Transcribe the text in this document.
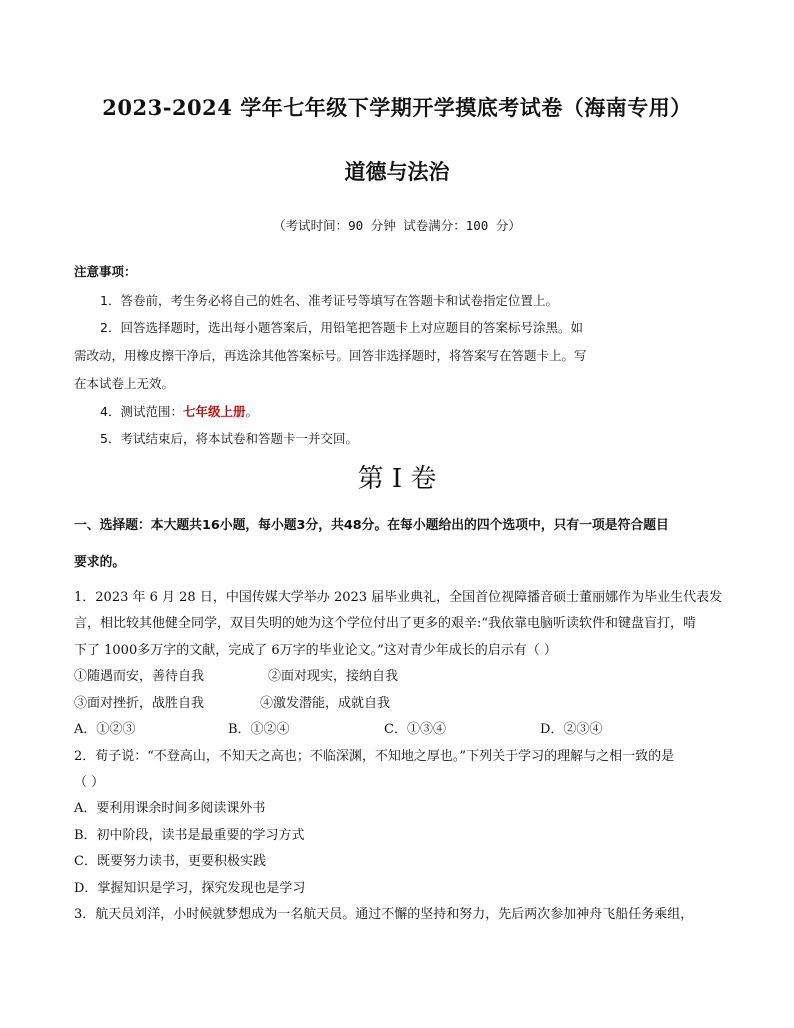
2023-2024 学年七年级下学期开学摸底考试卷（海南专用）
道德与法治
（考试时间：90 分钟 试卷满分：100 分）
注意事项：
1．答卷前，考生务必将自己的姓名、准考证号等填写在答题卡和试卷指定位置上。
2．回答选择题时，选出每小题答案后，用铅笔把答题卡上对应题目的答案标号涂黑。如
需改动，用橡皮擦干净后，再选涂其他答案标号。回答非选择题时，将答案写在答题卡上。写
在本试卷上无效。
4．测试范围：七年级上册。
5．考试结束后，将本试卷和答题卡一并交回。
第 I 卷
一、选择题：本大题共16小题，每小题3分，共48分。在每小题给出的四个选项中，只有一项是符合题目
要求的。
1．2023 年 6 月 28 日，中国传媒大学举办 2023 届毕业典礼，全国首位视障播音硕士董丽娜作为毕业生代表发
言，相比较其他健全同学，双目失明的她为这个学位付出了更多的艰辛:“我依靠电脑听读软件和键盘盲打，啃
下了 1000多万字的文献，完成了 6万字的毕业论文。”这对青少年成长的启示有（ ）
①随遇而安，善待自我	②面对现实，接纳自我
③面对挫折，战胜自我	④激发潜能，成就自我
A．①②③	B．①②④	C．①③④	D．②③④
2．荀子说：“不登高山，不知天之高也；不临深渊，不知地之厚也。”下列关于学习的理解与之相一致的是
（ ）
A．要利用课余时间多阅读课外书
B．初中阶段，读书是最重要的学习方式
C．既要努力读书，更要积极实践
D．掌握知识是学习，探究发现也是学习
3．航天员刘洋，小时候就梦想成为一名航天员。通过不懈的坚持和努力，先后两次参加神舟飞船任务乘组，
